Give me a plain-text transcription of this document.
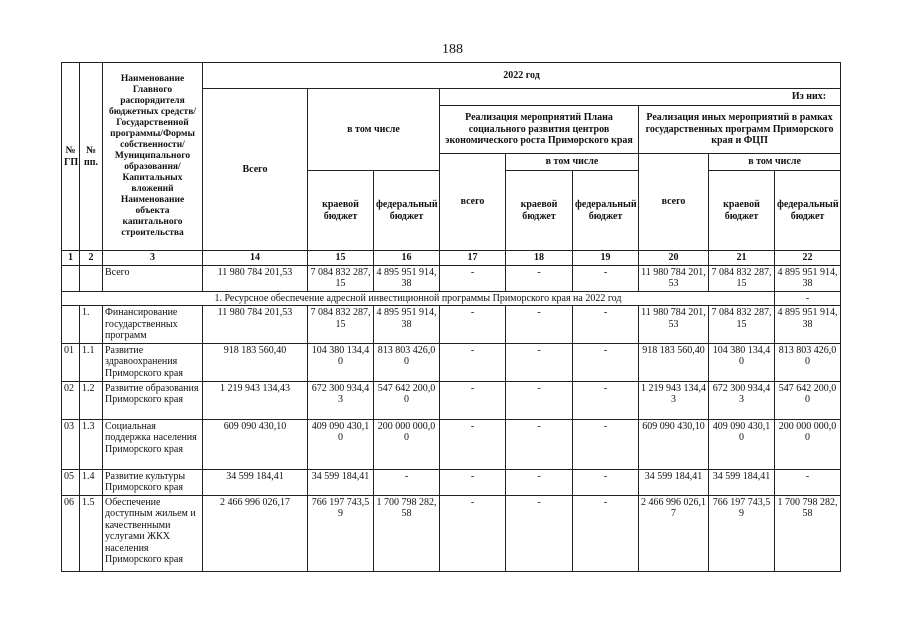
188
№ ГП	№ пп.	Наименование Главного распорядителя бюджетных средств/Государственной программы/Формы собственности/Муниципального образования/Капитальных вложений Наименование объекта капитального строительства	2022 год								
			Всего	в том числе		Из них:					
						Реализация мероприятий Плана социального развития центров экономического роста Приморского края			Реализация иных мероприятий в рамках государственных программ Приморского края и ФЦП		
						всего	в том числе		всего	в том числе	
				краевой бюджет	федеральный бюджет		краевой бюджет	федеральный бюджет		краевой бюджет	федеральный бюджет
1	2	3	14	15	16	17	18	19	20	21	22
		Всего	11 980 784 201,53	7 084 832 287,15	4 895 951 914,38	-	-	-	11 980 784 201,53	7 084 832 287,15	4 895 951 914,38
1. Ресурсное обеспечение адресной инвестиционной программы Приморского края на 2022 год											-
	1.	Финансирование государственных программ	11 980 784 201,53	7 084 832 287,15	4 895 951 914,38	-	-	-	11 980 784 201,53	7 084 832 287,15	4 895 951 914,38
01	1.1	Развитие здравоохранения Приморского края	918 183 560,40	104 380 134,40	813 803 426,00	-	-	-	918 183 560,40	104 380 134,40	813 803 426,00
02	1.2	Развитие образования Приморского края	1 219 943 134,43	672 300 934,43	547 642 200,00	-	-	-	1 219 943 134,43	672 300 934,43	547 642 200,00
03	1.3	Социальная поддержка населения Приморского края	609 090 430,10	409 090 430,10	200 000 000,00	-	-	-	609 090 430,10	409 090 430,10	200 000 000,00
05	1.4	Развитие культуры Приморского края	34 599 184,41	34 599 184,41	-	-	-	-	34 599 184,41	34 599 184,41	-
06	1.5	Обеспечение доступным жильем и качественными услугами ЖКХ населения Приморского края	2 466 996 026,17	766 197 743,59	1 700 798 282,58	-	-	-	2 466 996 026,17	766 197 743,59	1 700 798 282,58
